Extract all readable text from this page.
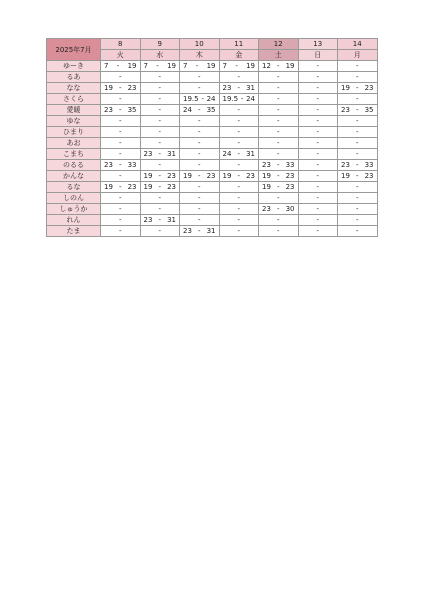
2025年7月	8	9	10	11	12	13	14
	火	水	木	金	土	日	月
ゆーき	7 - 19	7 - 19	7 - 19	7 - 19	12 - 19	-	-
るあ	-	-	-	-	-	-	-
なな	19 - 23	-	-	23 - 31	-	-	19 - 23

さくら	-	-	19.5 - 24	19.5 - 24	-	-	-
愛暖	23 - 35	-	24 - 35	-	-	-	23 - 35

ゆな	-	-	-	-	-	-	-
ひまり	-	-	-	-	-	-	-
あお	-	-	-	-	-	-	-
こまち	-	23 - 31	-	24 - 31	-	-	-
のるる	23 - 33	-	-	-	23 - 33	-	23 - 33

かんな	-	19 - 23	19 - 23	19 - 23	19 - 23	-	19 - 23

るな	19 - 23	19 - 23	-	-	19 - 23	-	-
しのん	-	-	-	-	-	-	-
しゅうか	-	-	-	-	23 - 30	-	-
れん	-	23 - 31	-	-	-	-	-
たま	-	-	23 - 31	-	-	-	-
